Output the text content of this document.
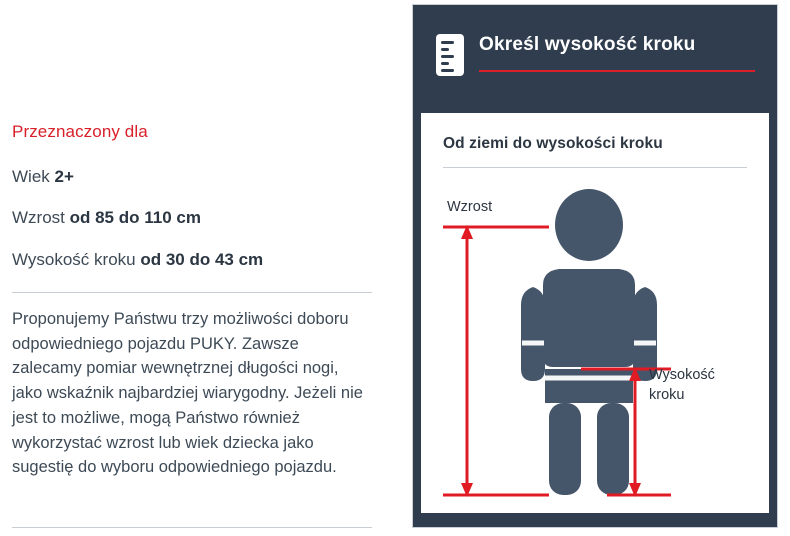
Przeznaczony dla
Wiek 2+
Wzrost od 85 do 110 cm
Wysokość kroku od 30 do 43 cm
Proponujemy Państwu trzy możliwości doboru odpowiedniego pojazdu PUKY. Zawsze zalecamy pomiar wewnętrznej długości nogi, jako wskaźnik najbardziej wiarygodny. Jeżeli nie jest to możliwe, mogą Państwo również wykorzystać wzrost lub wiek dziecka jako sugestię do wyboru odpowiedniego pojazdu.
Określ wysokość kroku
Od ziemi do wysokości kroku
Wzrost
Wysokość
kroku
